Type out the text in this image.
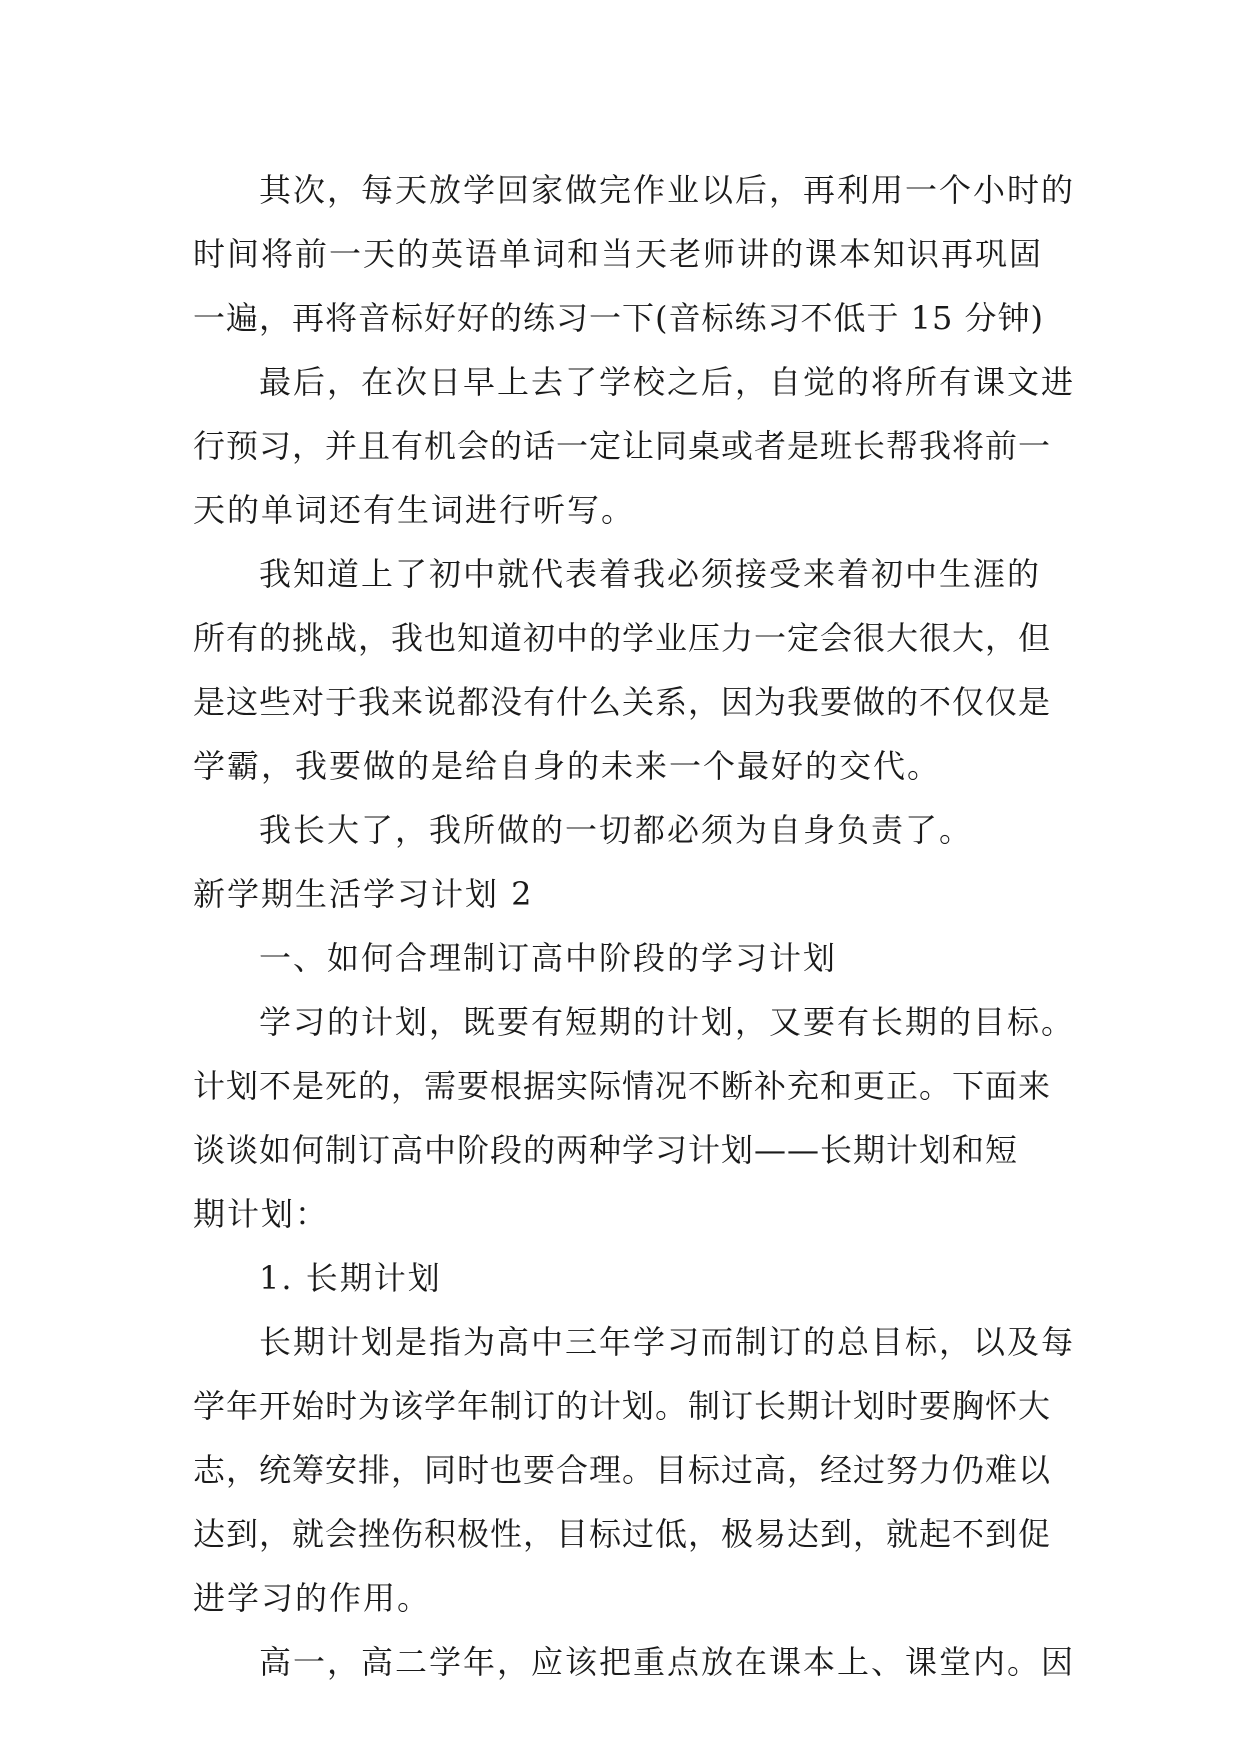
其次，每天放学回家做完作业以后，再利用一个小时的
时间将前一天的英语单词和当天老师讲的课本知识再巩固
一遍，再将音标好好的练习一下(音标练习不低于 15 分钟)
最后，在次日早上去了学校之后，自觉的将所有课文进
行预习，并且有机会的话一定让同桌或者是班长帮我将前一
天的单词还有生词进行听写。
我知道上了初中就代表着我必须接受来着初中生涯的
所有的挑战，我也知道初中的学业压力一定会很大很大，但
是这些对于我来说都没有什么关系，因为我要做的不仅仅是
学霸，我要做的是给自身的未来一个最好的交代。
我长大了，我所做的一切都必须为自身负责了。
新学期生活学习计划 2
一、如何合理制订高中阶段的学习计划
学习的计划，既要有短期的计划，又要有长期的目标。
计划不是死的，需要根据实际情况不断补充和更正。下面来
谈谈如何制订高中阶段的两种学习计划——长期计划和短
期计划：
1. 长期计划
长期计划是指为高中三年学习而制订的总目标，以及每
学年开始时为该学年制订的计划。制订长期计划时要胸怀大
志，统筹安排，同时也要合理。目标过高，经过努力仍难以
达到，就会挫伤积极性，目标过低，极易达到，就起不到促
进学习的作用。
高一，高二学年，应该把重点放在课本上、课堂内。因
